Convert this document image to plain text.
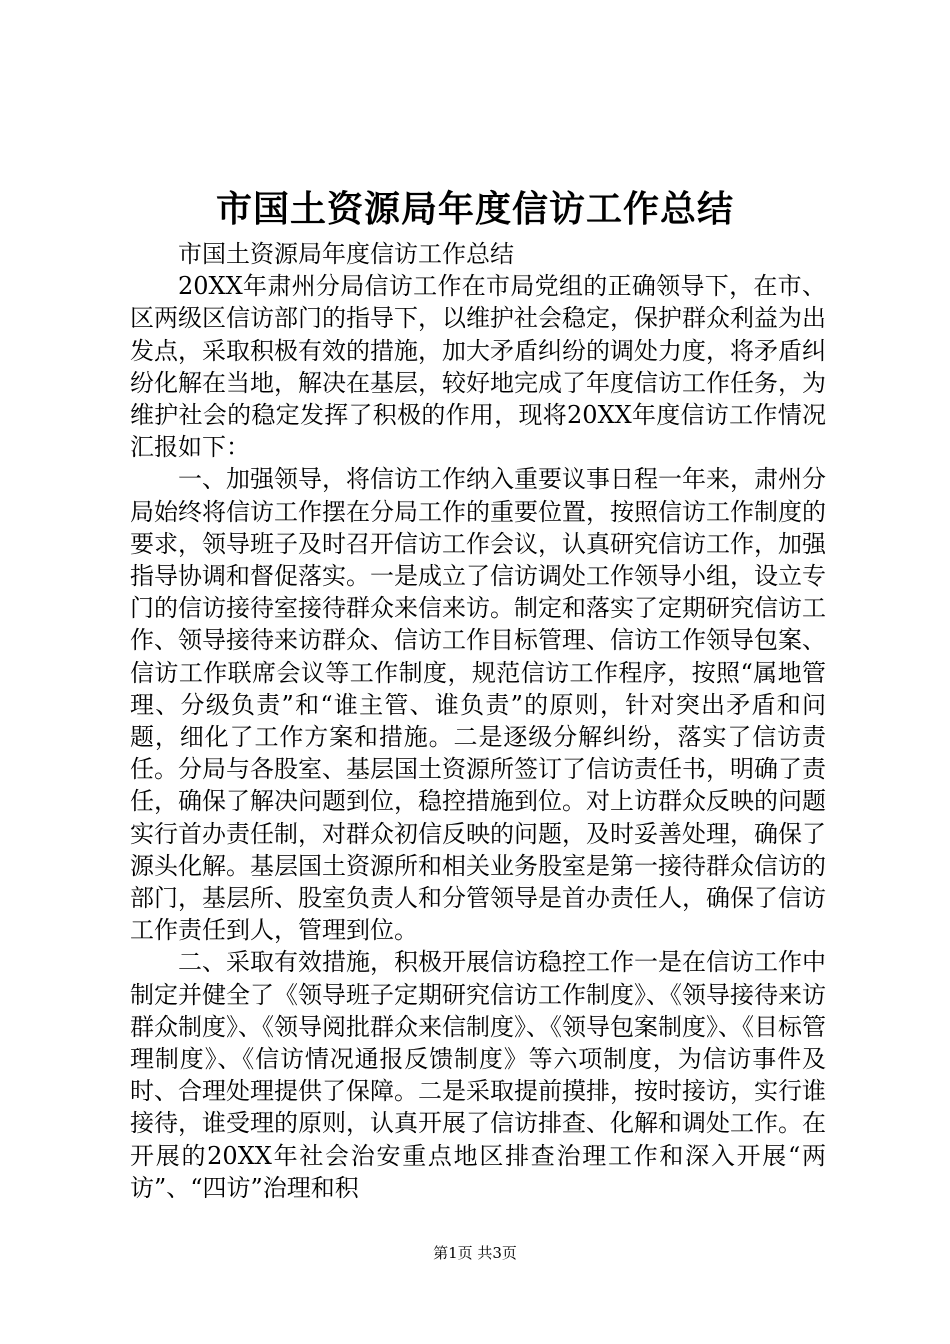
市国土资源局年度信访工作总结

市国土资源局年度信访工作总结

20XX年肃州分局信访工作在市局党组的正确领导下，在市、区两级区信访部门的指导下，以维护社会稳定，保护群众利益为出发点，采取积极有效的措施，加大矛盾纠纷的调处力度，将矛盾纠纷化解在当地，解决在基层，较好地完成了年度信访工作任务，为维护社会的稳定发挥了积极的作用，现将20XX年度信访工作情况汇报如下：

一、加强领导，将信访工作纳入重要议事日程一年来，肃州分局始终将信访工作摆在分局工作的重要位置，按照信访工作制度的要求，领导班子及时召开信访工作会议，认真研究信访工作，加强指导协调和督促落实。一是成立了信访调处工作领导小组，设立专门的信访接待室接待群众来信来访。制定和落实了定期研究信访工作、领导接待来访群众、信访工作目标管理、信访工作领导包案、信访工作联席会议等工作制度，规范信访工作程序，按照“属地管理、分级负责”和“谁主管、谁负责”的原则，针对突出矛盾和问题，细化了工作方案和措施。二是逐级分解纠纷，落实了信访责任。分局与各股室、基层国土资源所签订了信访责任书，明确了责任，确保了解决问题到位，稳控措施到位。对上访群众反映的问题实行首办责任制，对群众初信反映的问题，及时妥善处理，确保了源头化解。基层国土资源所和相关业务股室是第一接待群众信访的部门，基层所、股室负责人和分管领导是首办责任人，确保了信访工作责任到人，管理到位。

二、采取有效措施，积极开展信访稳控工作一是在信访工作中制定并健全了《领导班子定期研究信访工作制度》、《领导接待来访群众制度》、《领导阅批群众来信制度》、《领导包案制度》、《目标管理制度》、《信访情况通报反馈制度》等六项制度，为信访事件及时、合理处理提供了保障。二是采取提前摸排，按时接访，实行谁接待，谁受理的原则，认真开展了信访排查、化解和调处工作。在开展的20XX年社会治安重点地区排查治理工作和深入开展“两访”、“四访”治理和积

第1页 共3页
